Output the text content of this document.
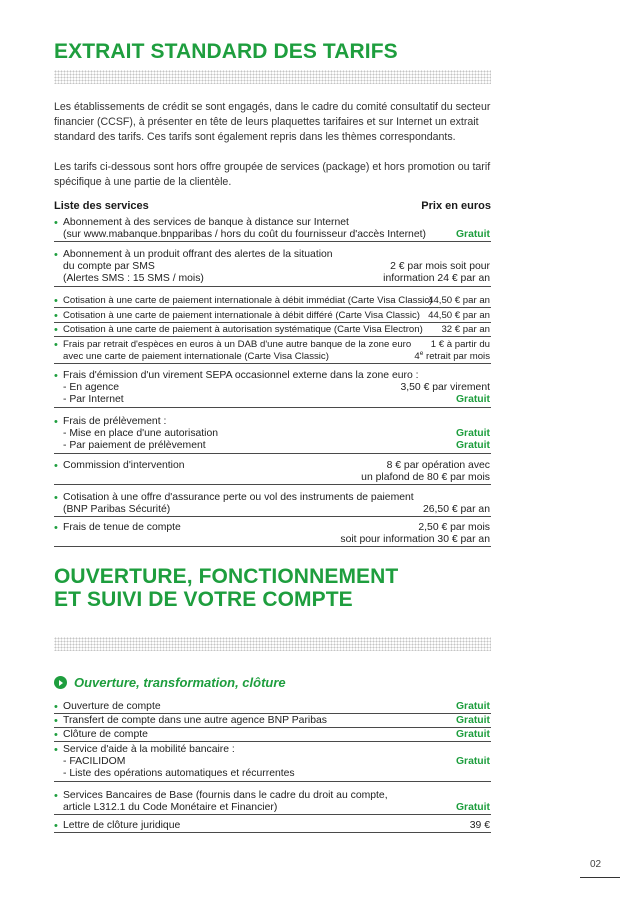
EXTRAIT STANDARD DES TARIFS
Les établissements de crédit se sont engagés, dans le cadre du comité consultatif du secteur
financier (CCSF), à présenter en tête de leurs plaquettes tarifaires et sur Internet un extrait
standard des tarifs. Ces tarifs sont également repris dans les thèmes correspondants.
Les tarifs ci-dessous sont hors offre groupée de services (package) et hors promotion ou tarif
spécifique à une partie de la clientèle.
Liste des services	Prix en euros
• Abonnement à des services de banque à distance sur Internet
(sur www.mabanque.bnpparibas / hors du coût du fournisseur d'accès Internet)	Gratuit
• Abonnement à un produit offrant des alertes de la situation
du compte par SMS	2 € par mois soit pour
(Alertes SMS : 15 SMS / mois)	information 24 € par an
• Cotisation à une carte de paiement internationale à débit immédiat (Carte Visa Classic)
44,50 € par an
• Cotisation à une carte de paiement internationale à débit différé (Carte Visa Classic) 44,50 € par an
• Cotisation à une carte de paiement à autorisation systématique (Carte Visa Electron) 32 € par an
• Frais par retrait d'espèces en euros à un DAB d'une autre banque de la zone euro 1 € à partir du
avec une carte de paiement internationale (Carte Visa Classic)	4e retrait par mois
• Frais d'émission d'un virement SEPA occasionnel externe dans la zone euro :
- En agence	3,50 € par virement
- Par Internet	Gratuit
• Frais de prélèvement :
- Mise en place d'une autorisation	Gratuit
- Par paiement de prélèvement	Gratuit
• Commission d'intervention	8 € par opération avec
un plafond de 80 € par mois
• Cotisation à une offre d'assurance perte ou vol des instruments de paiement
(BNP Paribas Sécurité)	26,50 € par an
• Frais de tenue de compte	2,50 € par mois
soit pour information 30 € par an
OUVERTURE, FONCTIONNEMENT
ET SUIVI DE VOTRE COMPTE
Ouverture, transformation, clôture
• Ouverture de compte	Gratuit
• Transfert de compte dans une autre agence BNP Paribas	Gratuit
• Clôture de compte	Gratuit
• Service d'aide à la mobilité bancaire :
- FACILIDOM	Gratuit
- Liste des opérations automatiques et récurrentes
• Services Bancaires de Base (fournis dans le cadre du droit au compte,
article L312.1 du Code Monétaire et Financier)	Gratuit
• Lettre de clôture juridique	39 €
02
